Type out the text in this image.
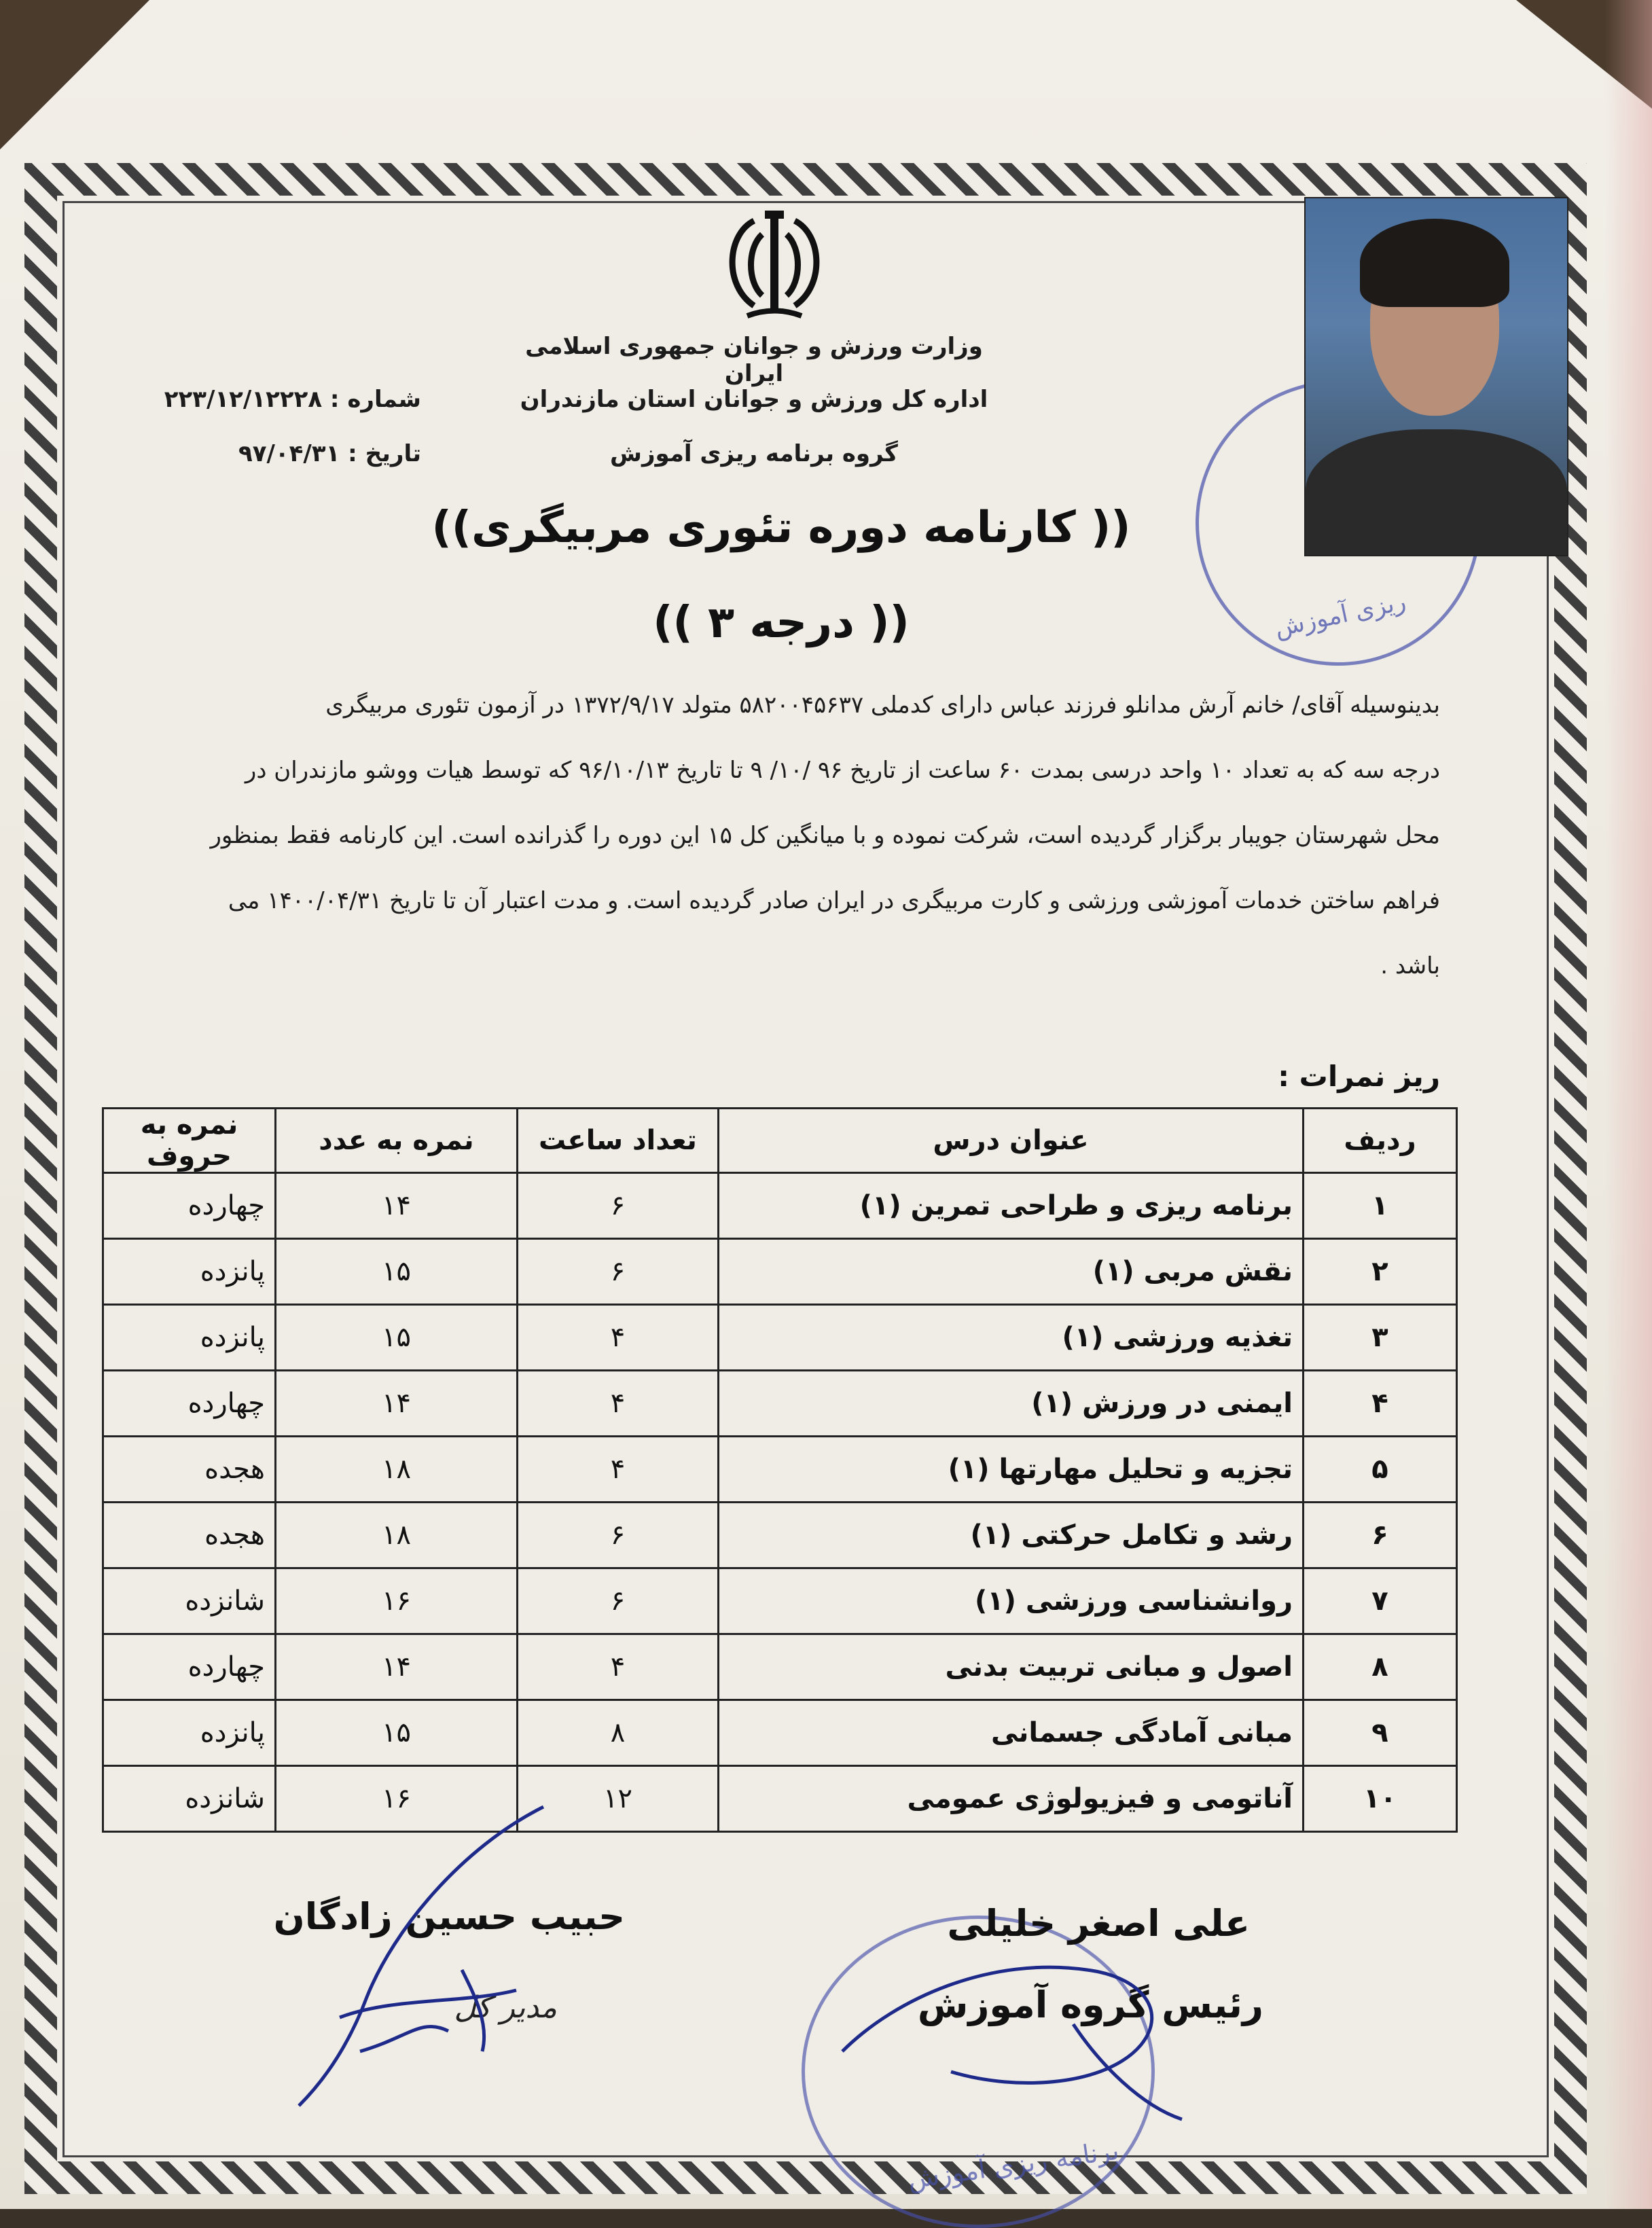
وزارت ورزش و جوانان جمهوری اسلامی ایران
اداره کل ورزش و جوانان استان مازندران
گروه برنامه ریزی آموزش
شماره : ۲۲۳/۱۲/۱۲۲۲۸
تاریخ : ۹۷/۰۴/۳۱
ریزی آموزش
((کارنامه دوره تئوری مربیگری ))
(( درجه ۳ ))

بدینوسیله آقای/ خانم آرش مدانلو فرزند عباس دارای کدملی ۵۸۲۰۰۴۵۶۳۷ متولد ۱۳۷۲/۹/۱۷ در آزمون تئوری مربیگری

درجه سه که به تعداد ۱۰ واحد درسی بمدت ۶۰ ساعت از تاریخ ۹۶ /۱۰/ ۹ تا تاریخ ۹۶/۱۰/۱۳ که توسط هیات ووشو مازندران در

محل شهرستان جویبار برگزار گردیده است، شرکت نموده و با میانگین کل ۱۵ این دوره را گذرانده است. این کارنامه فقط بمنظور

فراهم ساختن خدمات آموزشی ورزشی و کارت مربیگری در ایران صادر گردیده است. و مدت اعتبار آن تا تاریخ ۱۴۰۰/۰۴/۳۱ می

باشد .

ریز نمرات :
ردیف	عنوان درس	تعداد ساعت	نمره به عدد	نمره به حروف
۱	برنامه ریزی و طراحی تمرین (۱)	۶	۱۴	چهارده
۲	نقش مربی (۱)	۶	۱۵	پانزده
۳	تغذیه ورزشی (۱)	۴	۱۵	پانزده
۴	ایمنی در ورزش (۱)	۴	۱۴	چهارده
۵	تجزیه و تحلیل مهارتها (۱)	۴	۱۸	هجده
۶	رشد و تکامل حرکتی (۱)	۶	۱۸	هجده
۷	روانشناسی ورزشی (۱)	۶	۱۶	شانزده
۸	اصول و مبانی تربیت بدنی	۴	۱۴	چهارده
۹	مبانی آمادگی جسمانی	۸	۱۵	پانزده
۱۰	آناتومی و فیزیولوژی عمومی	۱۲	۱۶	شانزده
برنامه ریزی آموزش
حبیب حسین زادگان
مدیر کل
علی اصغر خلیلی
رئیس گروه آموزش
